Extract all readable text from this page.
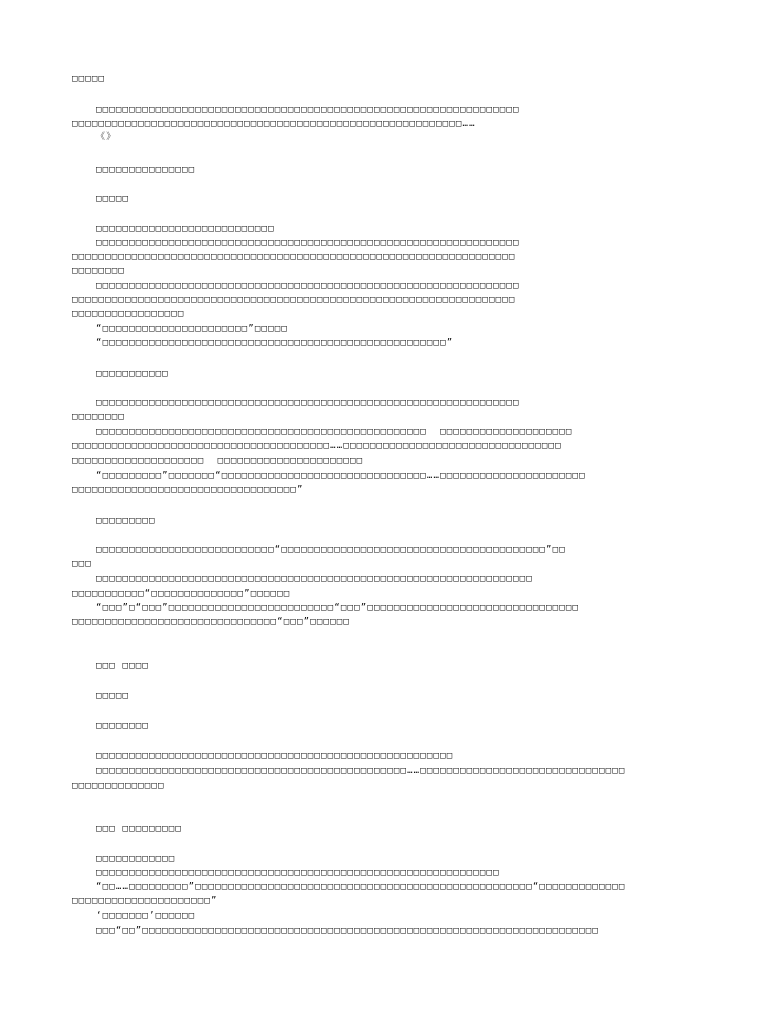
□□□□□
□□□□□□□□□□□□□□□□□□□□□□□□□□□□□□□□□□□□□□□□□□□□□□□□□□□□□□□□□□□□□□□□
□□□□□□□□□□□□□□□□□□□□□□□□□□□□□□□□□□□□□□□□□□□□□□□□□□□□□□□□□□□……
《》
□□□□□□□□□□□□□□□
□□□□□
□□□□□□□□□□□□□□□□□□□□□□□□□□□
□□□□□□□□□□□□□□□□□□□□□□□□□□□□□□□□□□□□□□□□□□□□□□□□□□□□□□□□□□□□□□□□
□□□□□□□□□□□□□□□□□□□□□□□□□□□□□□□□□□□□□□□□□□□□□□□□□□□□□□□□□□□□□□□□□□□
□□□□□□□□
□□□□□□□□□□□□□□□□□□□□□□□□□□□□□□□□□□□□□□□□□□□□□□□□□□□□□□□□□□□□□□□□
□□□□□□□□□□□□□□□□□□□□□□□□□□□□□□□□□□□□□□□□□□□□□□□□□□□□□□□□□□□□□□□□□□□
□□□□□□□□□□□□□□□□□
“□□□□□□□□□□□□□□□□□□□□□□”□□□□□
“□□□□□□□□□□□□□□□□□□□□□□□□□□□□□□□□□□□□□□□□□□□□□□□□□□□□”
□□□□□□□□□□□
□□□□□□□□□□□□□□□□□□□□□□□□□□□□□□□□□□□□□□□□□□□□□□□□□□□□□□□□□□□□□□□□
□□□□□□□□
□□□□□□□□□□□□□□□□□□□□□□□□□□□□□□□□□□□□□□□□□□□□□□□□□□  □□□□□□□□□□□□□□□□□□□□
□□□□□□□□□□□□□□□□□□□□□□□□□□□□□□□□□□□□□□□……□□□□□□□□□□□□□□□□□□□□□□□□□□□□□□□□□
□□□□□□□□□□□□□□□□□□□□  □□□□□□□□□□□□□□□□□□□□□□
“□□□□□□□□□”□□□□□□□“□□□□□□□□□□□□□□□□□□□□□□□□□□□□□□□……□□□□□□□□□□□□□□□□□□□□□□
□□□□□□□□□□□□□□□□□□□□□□□□□□□□□□□□□□”
□□□□□□□□□
□□□□□□□□□□□□□□□□□□□□□□□□□□□“□□□□□□□□□□□□□□□□□□□□□□□□□□□□□□□□□□□□□□□□”□□
□□□
□□□□□□□□□□□□□□□□□□□□□□□□□□□□□□□□□□□□□□□□□□□□□□□□□□□□□□□□□□□□□□□□□□
□□□□□□□□□□□“□□□□□□□□□□□□□□”□□□□□□
“□□□”□“□□□”□□□□□□□□□□□□□□□□□□□□□□□□□“□□□”□□□□□□□□□□□□□□□□□□□□□□□□□□□□□□□□
□□□□□□□□□□□□□□□□□□□□□□□□□□□□□□□“□□□”□□□□□□
□□□ □□□□
□□□□□
□□□□□□□□
□□□□□□□□□□□□□□□□□□□□□□□□□□□□□□□□□□□□□□□□□□□□□□□□□□□□□□
□□□□□□□□□□□□□□□□□□□□□□□□□□□□□□□□□□□□□□□□□□□□□□□……□□□□□□□□□□□□□□□□□□□□□□□□□□□□□□□
□□□□□□□□□□□□□□
□□□ □□□□□□□□□
□□□□□□□□□□□□
□□□□□□□□□□□□□□□□□□□□□□□□□□□□□□□□□□□□□□□□□□□□□□□□□□□□□□□□□□□□□
“□□……□□□□□□□□□”□□□□□□□□□□□□□□□□□□□□□□□□□□□□□□□□□□□□□□□□□□□□□□□□□□□“□□□□□□□□□□□□□
□□□□□□□□□□□□□□□□□□□□□”
‘□□□□□□□’□□□□□□
□□□“□□”□□□□□□□□□□□□□□□□□□□□□□□□□□□□□□□□□□□□□□□□□□□□□□□□□□□□□□□□□□□□□□□□□□□□□
